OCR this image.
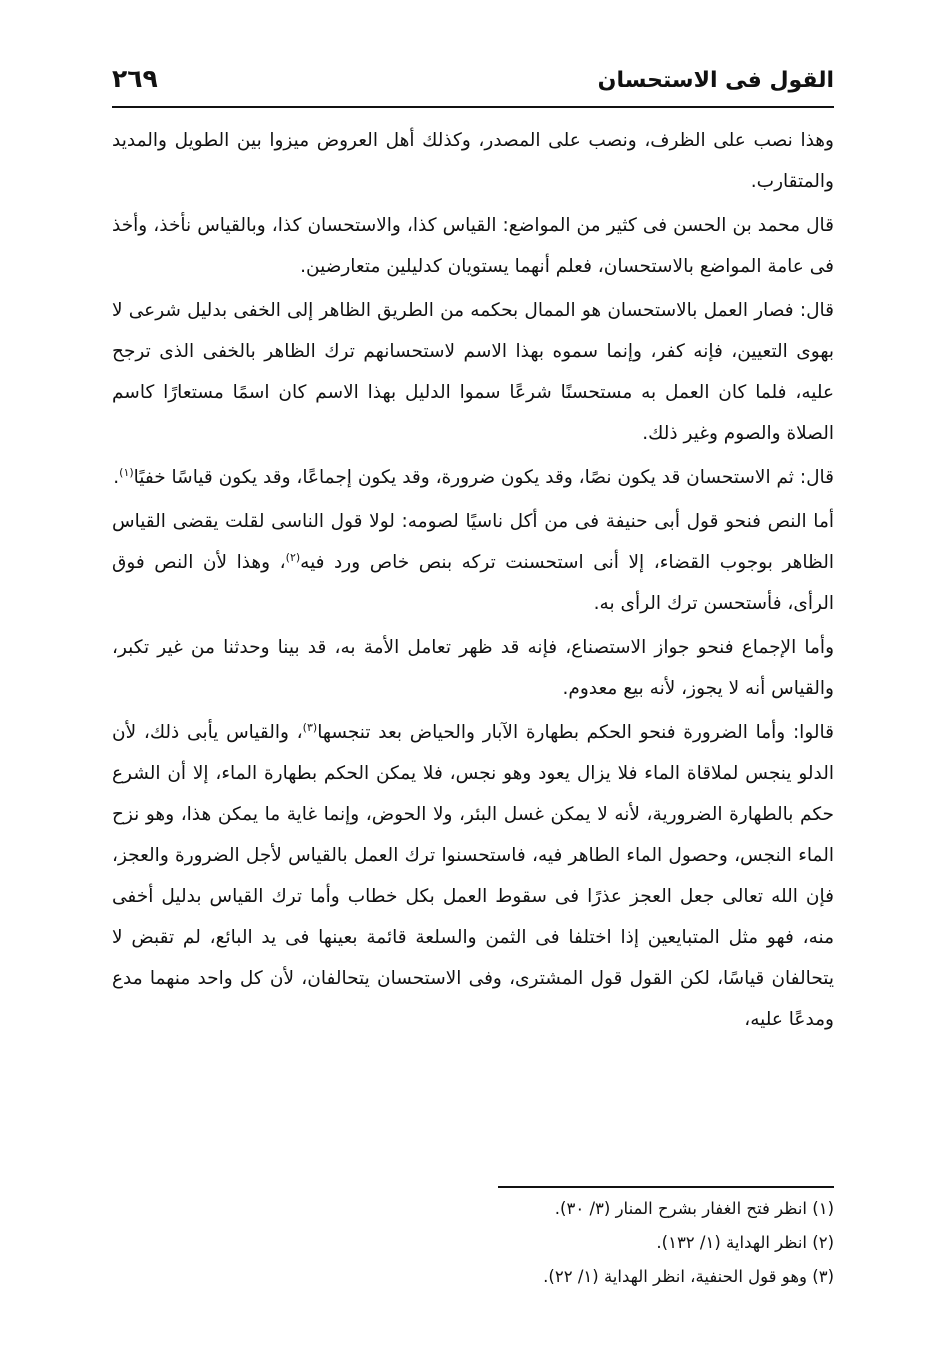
القول فى الاستحسان
٢٦٩

وهذا نصب على الظرف، ونصب على المصدر، وكذلك أهل العروض ميزوا بين الطويل والمديد والمتقارب.

قال محمد بن الحسن فى كثير من المواضع: القياس كذا، والاستحسان كذا، وبالقياس نأخذ، وأخذ فى عامة المواضع بالاستحسان، فعلم أنهما يستويان كدليلين متعارضين.

قال: فصار العمل بالاستحسان هو الممال بحكمه من الطريق الظاهر إلى الخفى بدليل شرعى لا بهوى التعيين، فإنه كفر، وإنما سموه بهذا الاسم لاستحسانهم ترك الظاهر بالخفى الذى ترجح عليه، فلما كان العمل به مستحسنًا شرعًا سموا الدليل بهذا الاسم كان اسمًا مستعارًا كاسم الصلاة والصوم وغير ذلك.

قال: ثم الاستحسان قد يكون نصًا، وقد يكون ضرورة، وقد يكون إجماعًا، وقد يكون قياسًا خفيًا$^{(١)}$.

أما النص فنحو قول أبى حنيفة فى من أكل ناسيًا لصومه: لولا قول الناسى لقلت يقضى القياس الظاهر بوجوب القضاء، إلا أنى استحسنت تركه بنص خاص ورد فيه$^{(٢)}$، وهذا لأن النص فوق الرأى، فأستحسن ترك الرأى به.

وأما الإجماع فنحو جواز الاستصناع، فإنه قد ظهر تعامل الأمة به، قد بينا وحدثنا من غير تكبر، والقياس أنه لا يجوز، لأنه بيع معدوم.

قالوا: وأما الضرورة فنحو الحكم بطهارة الآبار والحياض بعد تنجسها$^{(٣)}$، والقياس يأبى ذلك، لأن الدلو ينجس لملاقاة الماء فلا يزال يعود وهو نجس، فلا يمكن الحكم بطهارة الماء، إلا أن الشرع حكم بالطهارة الضرورية، لأنه لا يمكن غسل البئر، ولا الحوض، وإنما غاية ما يمكن هذا، وهو نزح الماء النجس، وحصول الماء الطاهر فيه، فاستحسنوا ترك العمل بالقياس لأجل الضرورة والعجز، فإن الله تعالى جعل العجز عذرًا فى سقوط العمل بكل خطاب وأما ترك القياس بدليل أخفى منه، فهو مثل المتبايعين إذا اختلفا فى الثمن والسلعة قائمة بعينها فى يد البائع، لم تقبض لا يتحالفان قياسًا، لكن القول قول المشترى، وفى الاستحسان يتحالفان، لأن كل واحد منهما مدع ومدعًا عليه،

(١) انظر فتح الغفار بشرح المنار (٣/ ٣٠).

(٢) انظر الهداية (١/ ١٣٢).

(٣) وهو قول الحنفية، انظر الهداية (١/ ٢٢).
